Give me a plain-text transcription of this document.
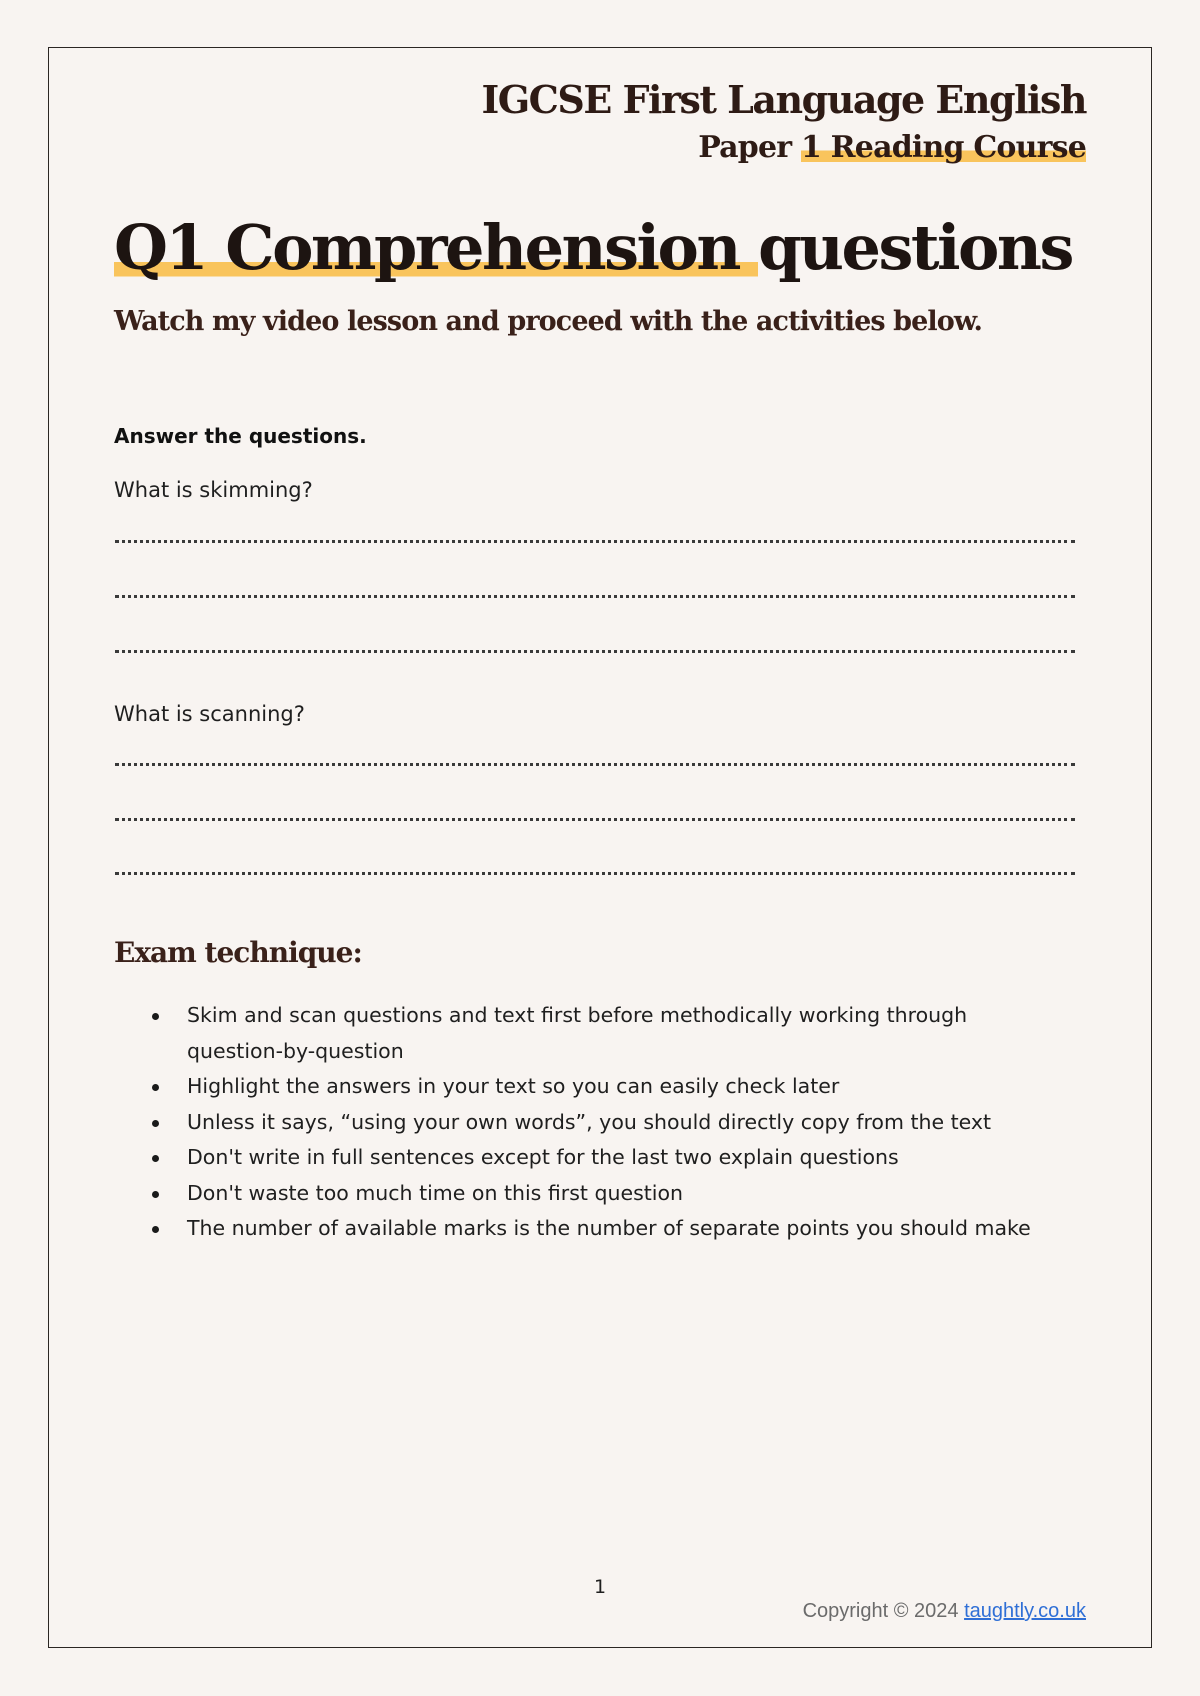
IGCSE First Language English
Paper 1 Reading Course
Q1 Comprehension questions
Watch my video lesson and proceed with the activities below.
Answer the questions.
What is skimming?
What is scanning?
Exam technique:
Skim and scan questions and text first before methodically working through question-by-question
Highlight the answers in your text so you can easily check later
Unless it says, “using your own words”, you should directly copy from the text
Don't write in full sentences except for the last two explain questions
Don't waste too much time on this first question
The number of available marks is the number of separate points you should make
1
Copyright © 2024 taughtly.co.uk
